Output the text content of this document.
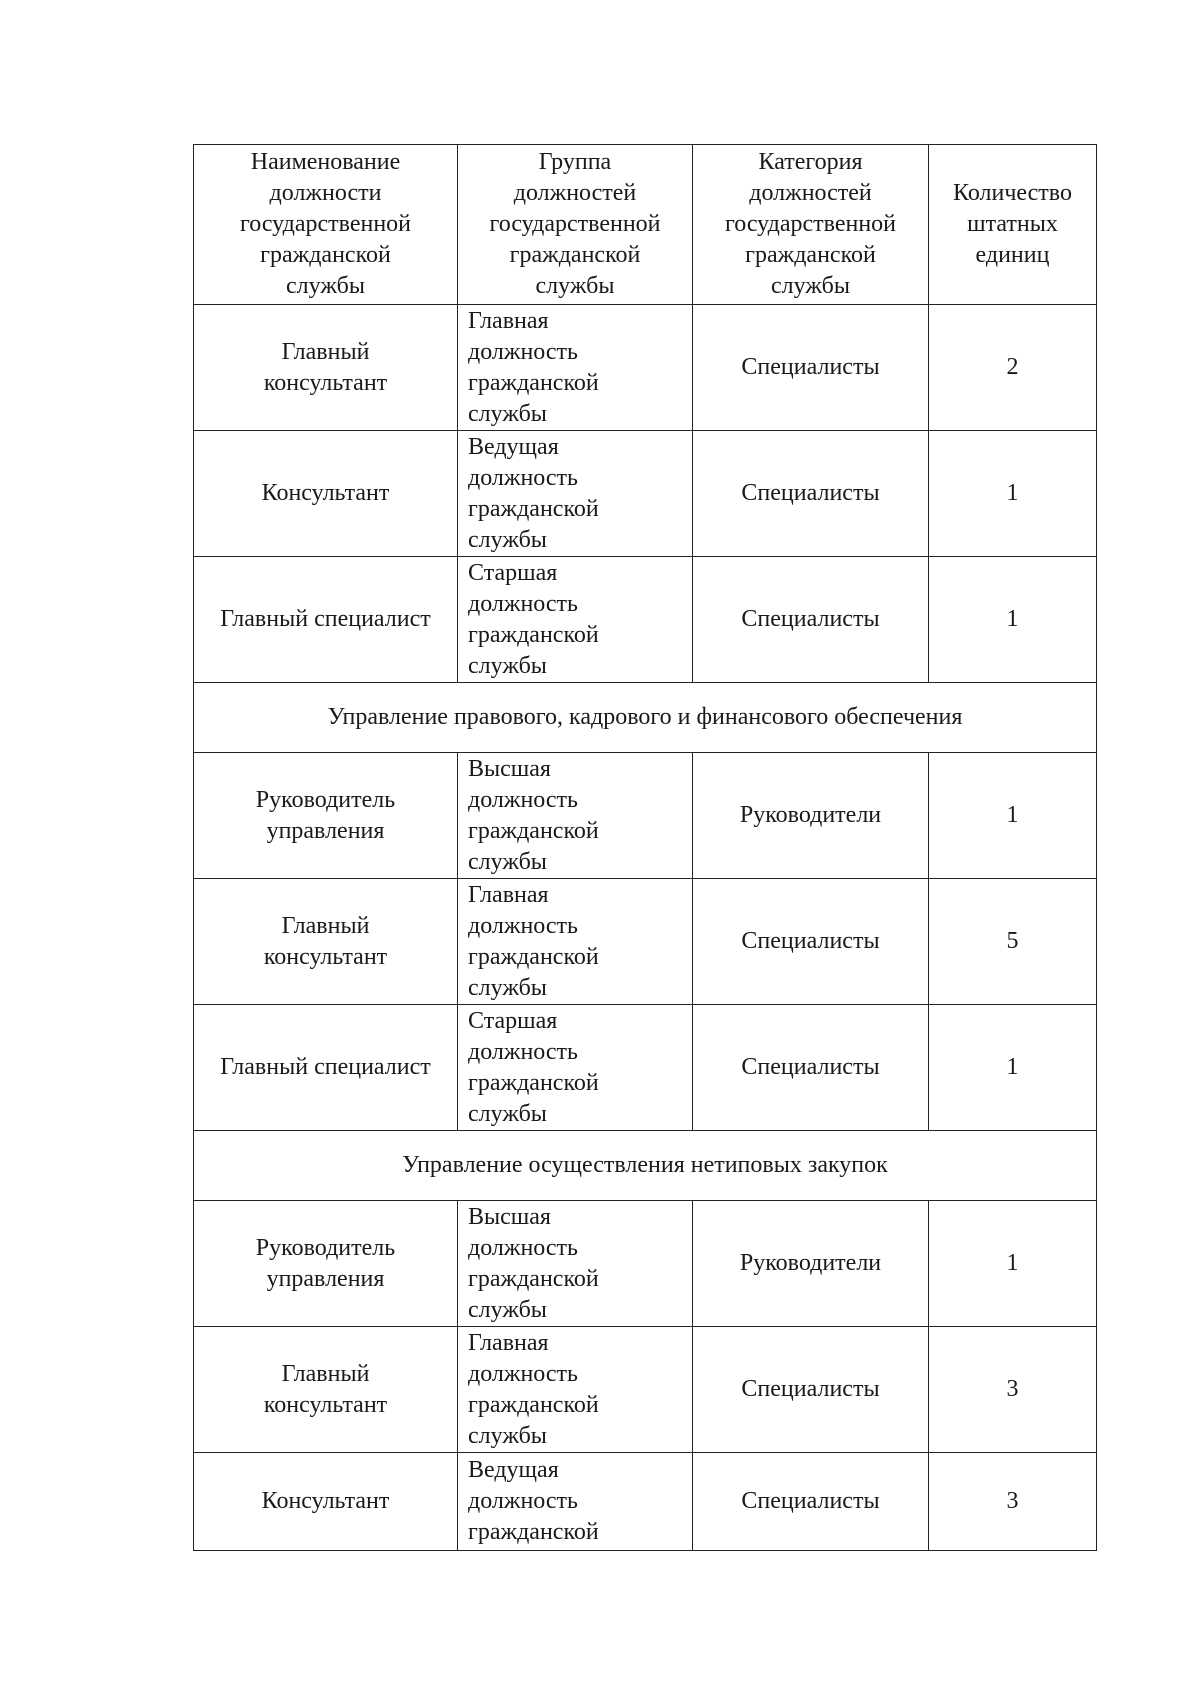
Наименование
должности
государственной
гражданской
службы	Группа
должностей
государственной
гражданской
службы	Категория
должностей
государственной
гражданской
службы	Количество
штатных
единиц

Главный
консультант	Главная
должность
гражданской
службы	Специалисты	2

Консультант	Ведущая
должность
гражданской
службы	Специалисты	1

Главный специалист	Старшая
должность
гражданской
службы	Специалисты	1

Управление правового, кадрового и финансового обеспечения			

Руководитель
управления	Высшая
должность
гражданской
службы	Руководители	1

Главный
консультант	Главная
должность
гражданской
службы	Специалисты	5

Главный специалист	Старшая
должность
гражданской
службы	Специалисты	1

Управление осуществления нетиповых закупок			

Руководитель
управления	Высшая
должность
гражданской
службы	Руководители	1

Главный
консультант	Главная
должность
гражданской
службы	Специалисты	3

Консультант	Ведущая
должность
гражданской	Специалисты	3
